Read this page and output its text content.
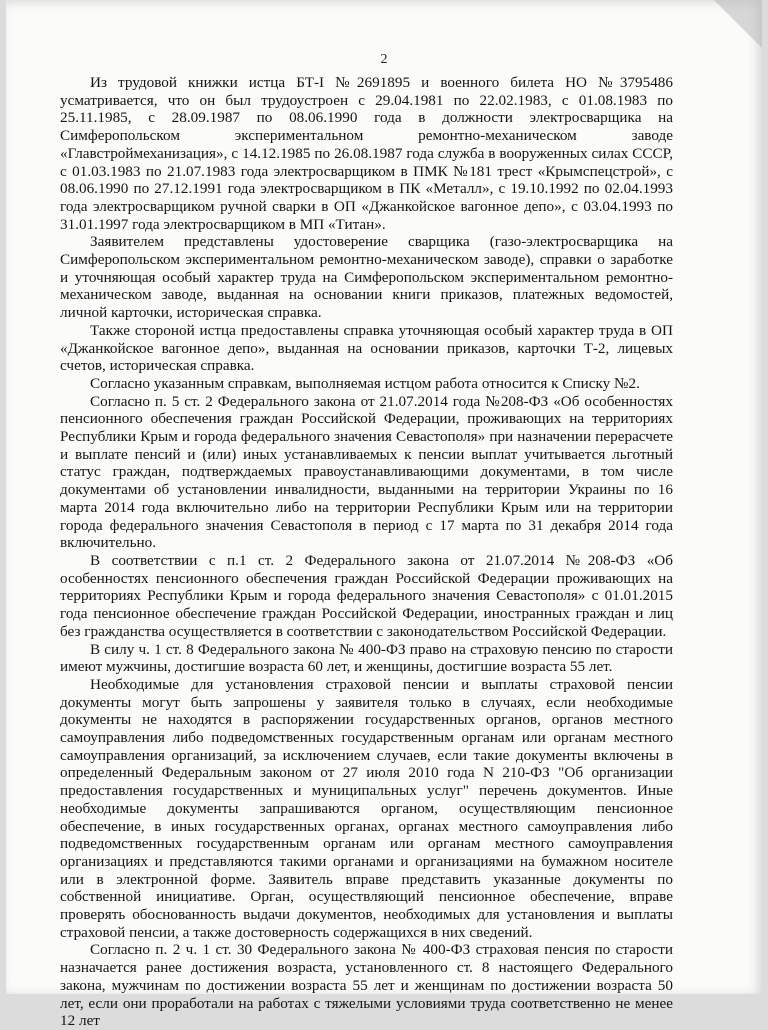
2

Из трудовой книжки истца БТ-I №2691895 и военного билета НО №3795486 усматривается, что он был трудоустроен с 29.04.1981 по 22.02.1983, с 01.08.1983 по 25.11.1985, с 28.09.1987 по 08.06.1990 года в должности электросварщика на Симферопольском экспериментальном ремонтно-механическом заводе «Главстроймеханизация», с 14.12.1985 по 26.08.1987 года служба в вооруженных силах СССР, с 01.03.1983 по 21.07.1983 года электросварщиком в ПМК №181 трест «Крымспецстрой», с 08.06.1990 по 27.12.1991 года электросварщиком в ПК «Металл», с 19.10.1992 по 02.04.1993 года электросварщиком ручной сварки в ОП «Джанкойское вагонное депо», с 03.04.1993 по 31.01.1997 года электросварщиком в МП «Титан».

Заявителем представлены удостоверение сварщика (газо-электросварщика на Симферопольском экспериментальном ремонтно-механическом заводе), справки о заработке и уточняющая особый характер труда на Симферопольском экспериментальном ремонтно-механическом заводе, выданная на основании книги приказов, платежных ведомостей, личной карточки, историческая справка.

Также стороной истца предоставлены справка уточняющая особый характер труда в ОП «Джанкойское вагонное депо», выданная на основании приказов, карточки Т-2, лицевых счетов, историческая справка.

Согласно указанным справкам, выполняемая истцом работа относится к Списку №2.

Согласно п. 5 ст. 2 Федерального закона от 21.07.2014 года №208-ФЗ «Об особенностях пенсионного обеспечения граждан Российской Федерации, проживающих на территориях Республики Крым и города федерального значения Севастополя» при назначении перерасчете и выплате пенсий и (или) иных устанавливаемых к пенсии выплат учитывается льготный статус граждан, подтверждаемых правоустанавливающими документами, в том числе документами об установлении инвалидности, выданными на территории Украины по 16 марта 2014 года включительно либо на территории Республики Крым или на территории города федерального значения Севастополя в период с 17 марта по 31 декабря 2014 года включительно.

В соответствии с п.1 ст. 2 Федерального закона от 21.07.2014 №208-ФЗ «Об особенностях пенсионного обеспечения граждан Российской Федерации проживающих на территориях Республики Крым и города федерального значения Севастополя» с 01.01.2015 года пенсионное обеспечение граждан Российской Федерации, иностранных граждан и лиц без гражданства осуществляется в соответствии с законодательством Российской Федерации.

В силу ч. 1 ст. 8 Федерального закона № 400-ФЗ право на страховую пенсию по старости имеют мужчины, достигшие возраста 60 лет, и женщины, достигшие возраста 55 лет.

Необходимые для установления страховой пенсии и выплаты страховой пенсии документы могут быть запрошены у заявителя только в случаях, если необходимые документы не находятся в распоряжении государственных органов, органов местного самоуправления либо подведомственных государственным органам или органам местного самоуправления организаций, за исключением случаев, если такие документы включены в определенный Федеральным законом от 27 июля 2010 года N 210-ФЗ "Об организации предоставления государственных и муниципальных услуг" перечень документов. Иные необходимые документы запрашиваются органом, осуществляющим пенсионное обеспечение, в иных государственных органах, органах местного самоуправления либо подведомственных государственным органам или органам местного самоуправления организациях и представляются такими органами и организациями на бумажном носителе или в электронной форме. Заявитель вправе представить указанные документы по собственной инициативе. Орган, осуществляющий пенсионное обеспечение, вправе проверять обоснованность выдачи документов, необходимых для установления и выплаты страховой пенсии, а также достоверность содержащихся в них сведений.

Согласно п. 2 ч. 1 ст. 30 Федерального закона № 400-ФЗ страховая пенсия по старости назначается ранее достижения возраста, установленного ст. 8 настоящего Федерального закона, мужчинам по достижении возраста 55 лет и женщинам по достижении возраста 50 лет, если они проработали на работах с тяжелыми условиями труда соответственно не менее 12 лет
